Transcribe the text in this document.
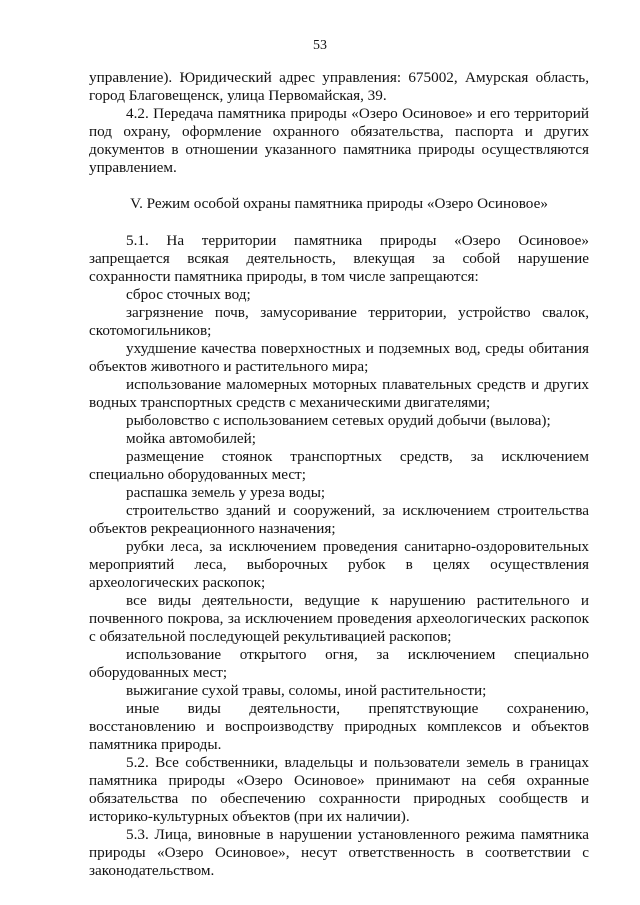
53

управление). Юридический адрес управления: 675002, Амурская область, город Благовещенск, улица Первомайская, 39.

4.2. Передача памятника природы «Озеро Осиновое» и его территорий под охрану, оформление охранного обязательства, паспорта и других документов в отношении указанного памятника природы осуществляются управлением.

V. Режим особой охраны памятника природы «Озеро Осиновое»

5.1. На территории памятника природы «Озеро Осиновое» запрещается всякая деятельность, влекущая за собой нарушение сохранности памятника природы, в том числе запрещаются:

сброс сточных вод;

загрязнение почв, замусоривание территории, устройство свалок, скотомогильников;

ухудшение качества поверхностных и подземных вод, среды обитания объектов животного и растительного мира;

использование маломерных моторных плавательных средств и других водных транспортных средств с механическими двигателями;

рыболовство с использованием сетевых орудий добычи (вылова);

мойка автомобилей;

размещение стоянок транспортных средств, за исключением специально оборудованных мест;

распашка земель у уреза воды;

строительство зданий и сооружений, за исключением строительства объектов рекреационного назначения;

рубки леса, за исключением проведения санитарно-оздоровительных мероприятий леса, выборочных рубок в целях осуществления археологических раскопок;

все виды деятельности, ведущие к нарушению растительного и почвенного покрова, за исключением проведения археологических раскопок с обязательной последующей рекультивацией раскопов;

использование открытого огня, за исключением специально оборудованных мест;

выжигание сухой травы, соломы, иной растительности;

иные виды деятельности, препятствующие сохранению, восстановлению и воспроизводству природных комплексов и объектов памятника природы.

5.2. Все собственники, владельцы и пользователи земель в границах памятника природы «Озеро Осиновое» принимают на себя охранные обязательства по обеспечению сохранности природных сообществ и историко-культурных объектов (при их наличии).

5.3. Лица, виновные в нарушении установленного режима памятника природы «Озеро Осиновое», несут ответственность в соответствии с законодательством.
